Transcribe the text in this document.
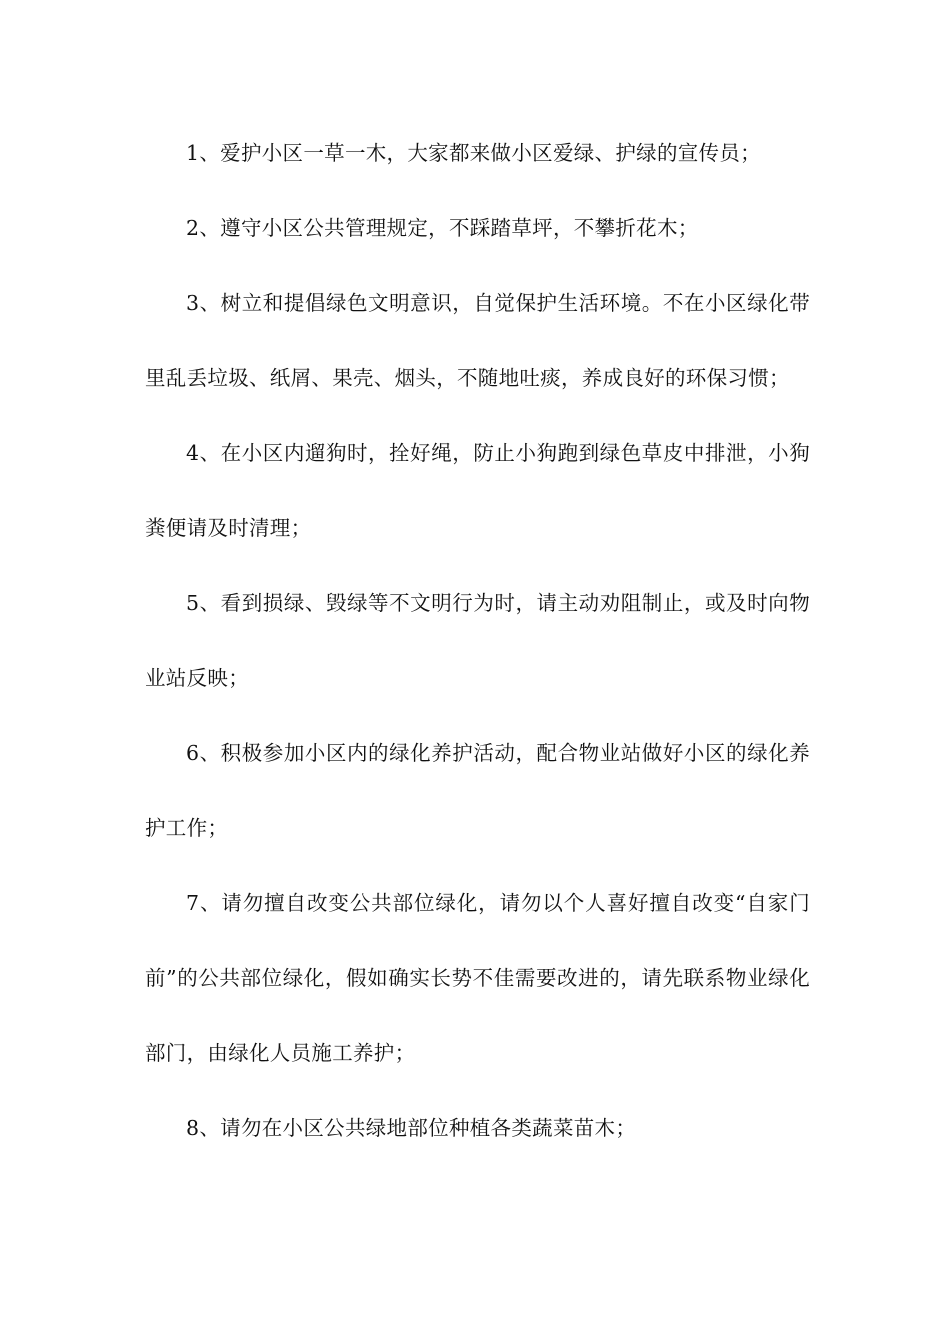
1、爱护小区一草一木，大家都来做小区爱绿、护绿的宣传员；

2、遵守小区公共管理规定，不踩踏草坪，不攀折花木；

3、树立和提倡绿色文明意识，自觉保护生活环境。不在小区绿化带里乱丢垃圾、纸屑、果壳、烟头，不随地吐痰，养成良好的环保习惯；

4、在小区内遛狗时，拴好绳，防止小狗跑到绿色草皮中排泄，小狗粪便请及时清理；

5、看到损绿、毁绿等不文明行为时，请主动劝阻制止，或及时向物业站反映；

6、积极参加小区内的绿化养护活动，配合物业站做好小区的绿化养护工作；

7、请勿擅自改变公共部位绿化，请勿以个人喜好擅自改变“自家门前”的公共部位绿化，假如确实长势不佳需要改进的，请先联系物业绿化部门，由绿化人员施工养护；

8、请勿在小区公共绿地部位种植各类蔬菜苗木；
